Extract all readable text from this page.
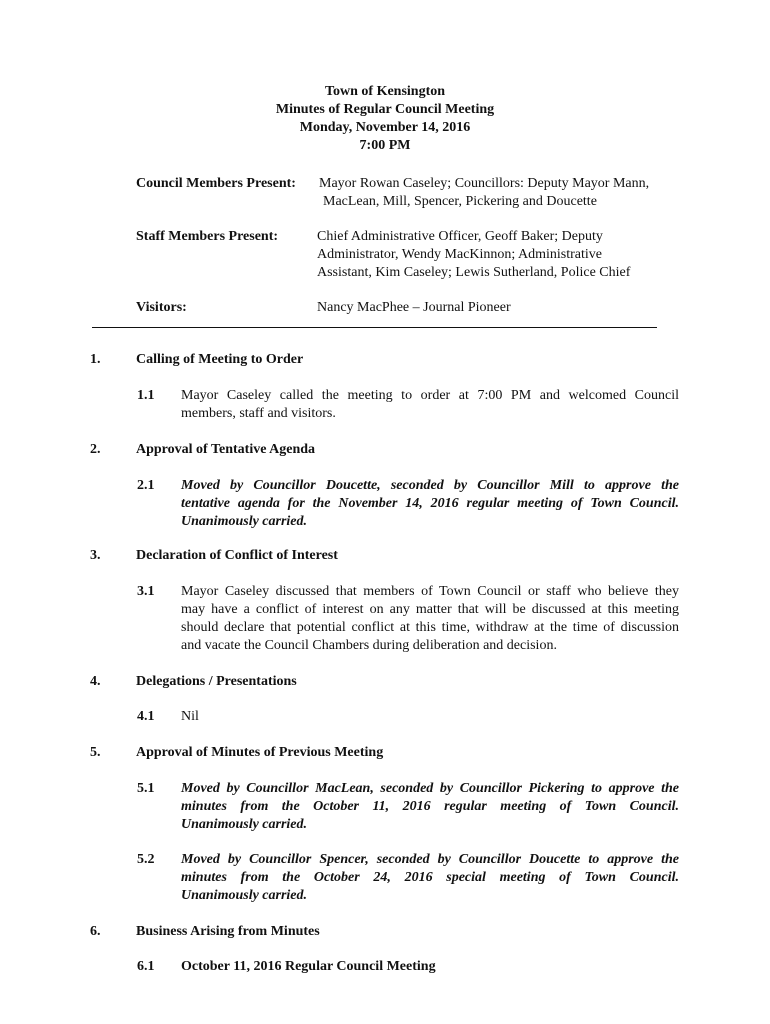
Town of Kensington
Minutes of Regular Council Meeting
Monday, November 14, 2016
7:00 PM
Council Members Present: Mayor Rowan Caseley; Councillors: Deputy Mayor Mann,
MacLean, Mill, Spencer, Pickering and Doucette
Staff Members Present:	Chief Administrative Officer, Geoff Baker; Deputy
Administrator, Wendy MacKinnon; Administrative
Assistant, Kim Caseley; Lewis Sutherland, Police Chief
Visitors:	Nancy MacPhee – Journal Pioneer
1.	Calling of Meeting to Order
1.1 Mayor Caseley called the meeting to order at 7:00 PM and welcomed Council
members, staff and visitors.
2.	Approval of Tentative Agenda
2.1 Moved by Councillor Doucette, seconded by Councillor Mill to approve the
tentative agenda for the November 14, 2016 regular meeting of Town Council.
Unanimously carried.
3.	Declaration of Conflict of Interest
3.1 Mayor Caseley discussed that members of Town Council or staff who believe they
may have a conflict of interest on any matter that will be discussed at this meeting
should declare that potential conflict at this time, withdraw at the time of discussion
and vacate the Council Chambers during deliberation and decision.
4.	Delegations / Presentations
4.1 Nil
5.	Approval of Minutes of Previous Meeting
5.1 Moved by Councillor MacLean, seconded by Councillor Pickering to approve the
minutes from the October 11, 2016 regular meeting of Town Council.
Unanimously carried.
5.2 Moved by Councillor Spencer, seconded by Councillor Doucette to approve the
minutes from the October 24, 2016 special meeting of Town Council.
Unanimously carried.
6.	Business Arising from Minutes
6.1 October 11, 2016 Regular Council Meeting
